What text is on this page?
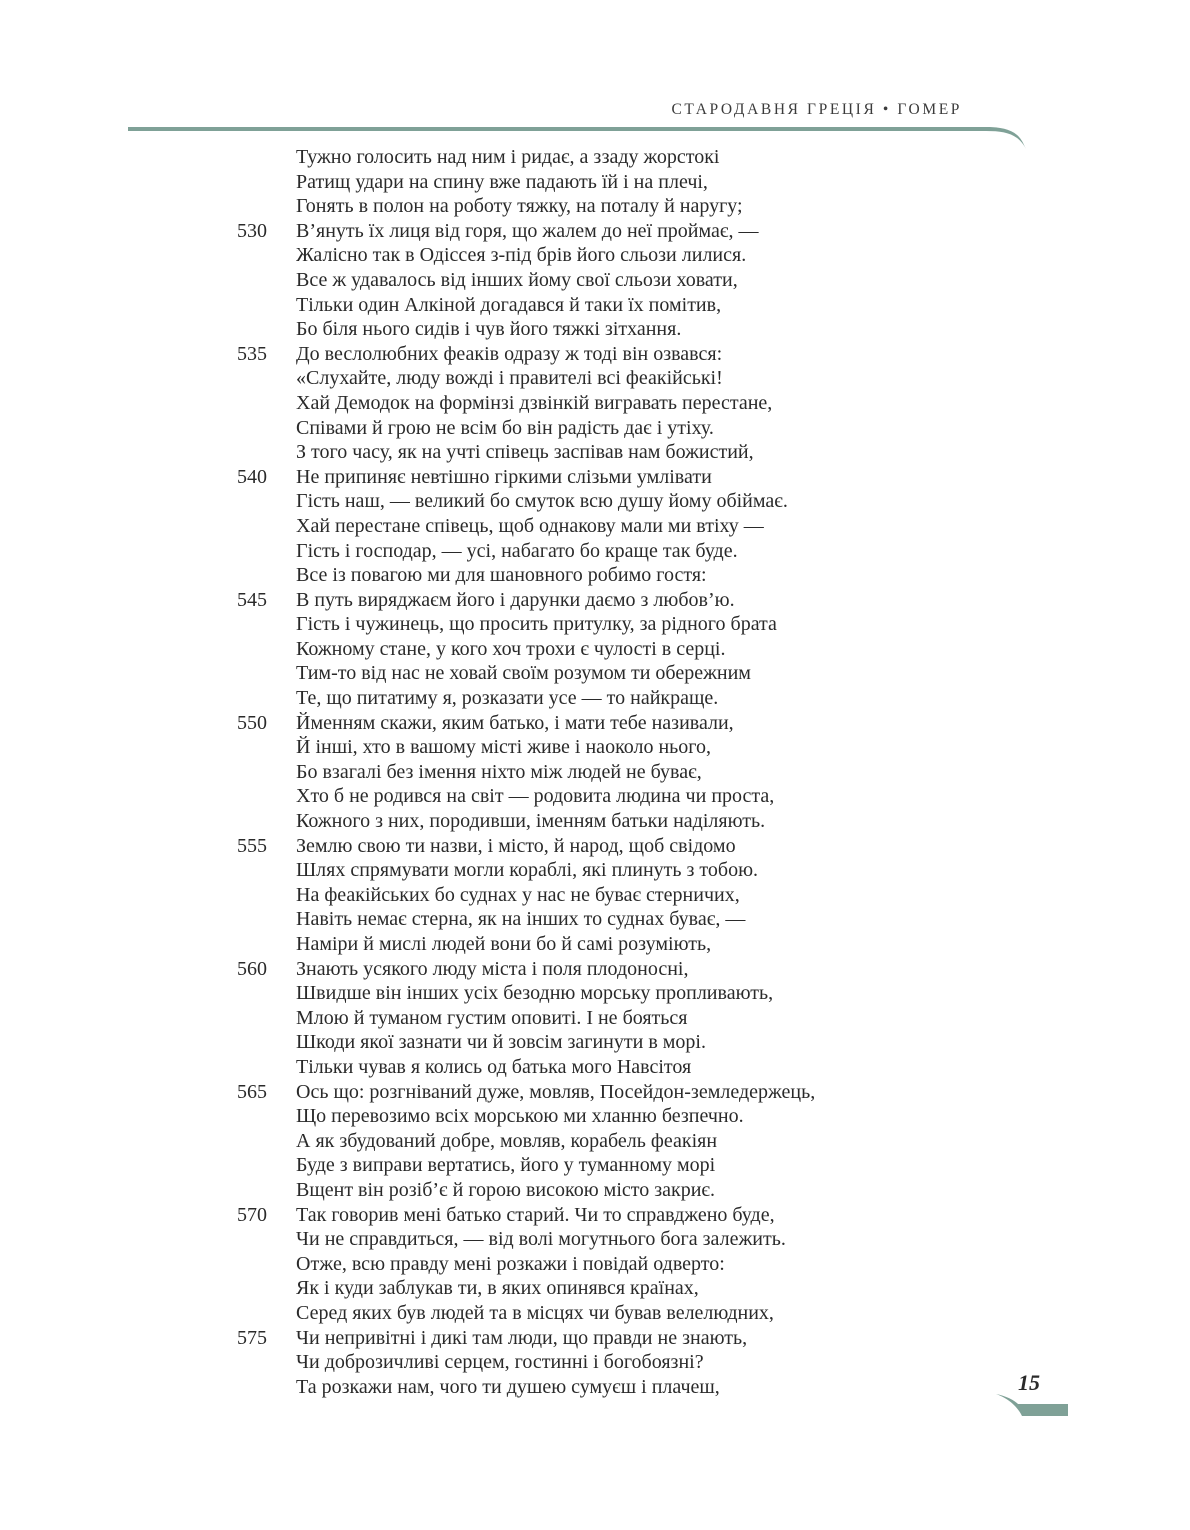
СТАРОДАВНЯ ГРЕЦІЯ • ГОМЕР
Тужно голосить над ним і ридає, а ззаду жорстокі
Ратищ удари на спину вже падають їй і на плечі,
Гонять в полон на роботу тяжку, на поталу й наругу;
530 В’януть їх лиця від горя, що жалем до неї проймає, —
Жалісно так в Одіссея з-під брів його сльози лилися.
Все ж удавалось від інших йому свої сльози ховати,
Тільки один Алкіной догадався й таки їх помітив,
Бо біля нього сидів і чув його тяжкі зітхання.
535 До веслолюбних феаків одразу ж тоді він озвався:
«Слухайте, люду вожді і правителі всі феакійські!
Хай Демодок на формінзі дзвінкій вигравать перестане,
Співами й грою не всім бо він радість дає і утіху.
З того часу, як на учті співець заспівав нам божистий,
540 Не припиняє невтішно гіркими слізьми умлівати
Гість наш, — великий бо смуток всю душу йому обіймає.
Хай перестане співець, щоб однакову мали ми втіху —
Гість і господар, — усі, набагато бо краще так буде.
Все із повагою ми для шановного робимо гостя:
545 В путь виряджаєм його і дарунки даємо з любов’ю.
Гість і чужинець, що просить притулку, за рідного брата
Кожному стане, у кого хоч трохи є чулості в серці.
Тим-то від нас не ховай своїм розумом ти обережним
Те, що питатиму я, розказати усе — то найкраще.
550 Йменням скажи, яким батько, і мати тебе називали,
Й інші, хто в вашому місті живе і наоколо нього,
Бо взагалі без імення ніхто між людей не буває,
Хто б не родився на світ — родовита людина чи проста,
Кожного з них, породивши, іменням батьки наділяють.
555 Землю свою ти назви, і місто, й народ, щоб свідомо
Шлях спрямувати могли кораблі, які плинуть з тобою.
На феакійських бо суднах у нас не буває стерничих,
Навіть немає стерна, як на інших то суднах буває, —
Наміри й мислі людей вони бо й самі розуміють,
560 Знають усякого люду міста і поля плодоносні,
Швидше він інших усіх безодню морську пропливають,
Млою й туманом густим оповиті. І не бояться
Шкоди якої зазнати чи й зовсім загинути в морі.
Тільки чував я колись од батька мого Навсітоя
565 Ось що: розгніваний дуже, мовляв, Посейдон-земледержець,
Що перевозимо всіх морською ми хланню безпечно.
А як збудований добре, мовляв, корабель феакіян
Буде з виправи вертатись, його у туманному морі
Вщент він розіб’є й горою високою місто закриє.
570 Так говорив мені батько старий. Чи то справджено буде,
Чи не справдиться, — від волі могутнього бога залежить.
Отже, всю правду мені розкажи і повідай одверто:
Як і куди заблукав ти, в яких опинявся країнах,
Серед яких був людей та в місцях чи бував велелюдних,
575 Чи непривітні і дикі там люди, що правди не знають,
Чи доброзичливі серцем, гостинні і богобоязні?
Та розкажи нам, чого ти душею сумуєш і плачеш,	15
